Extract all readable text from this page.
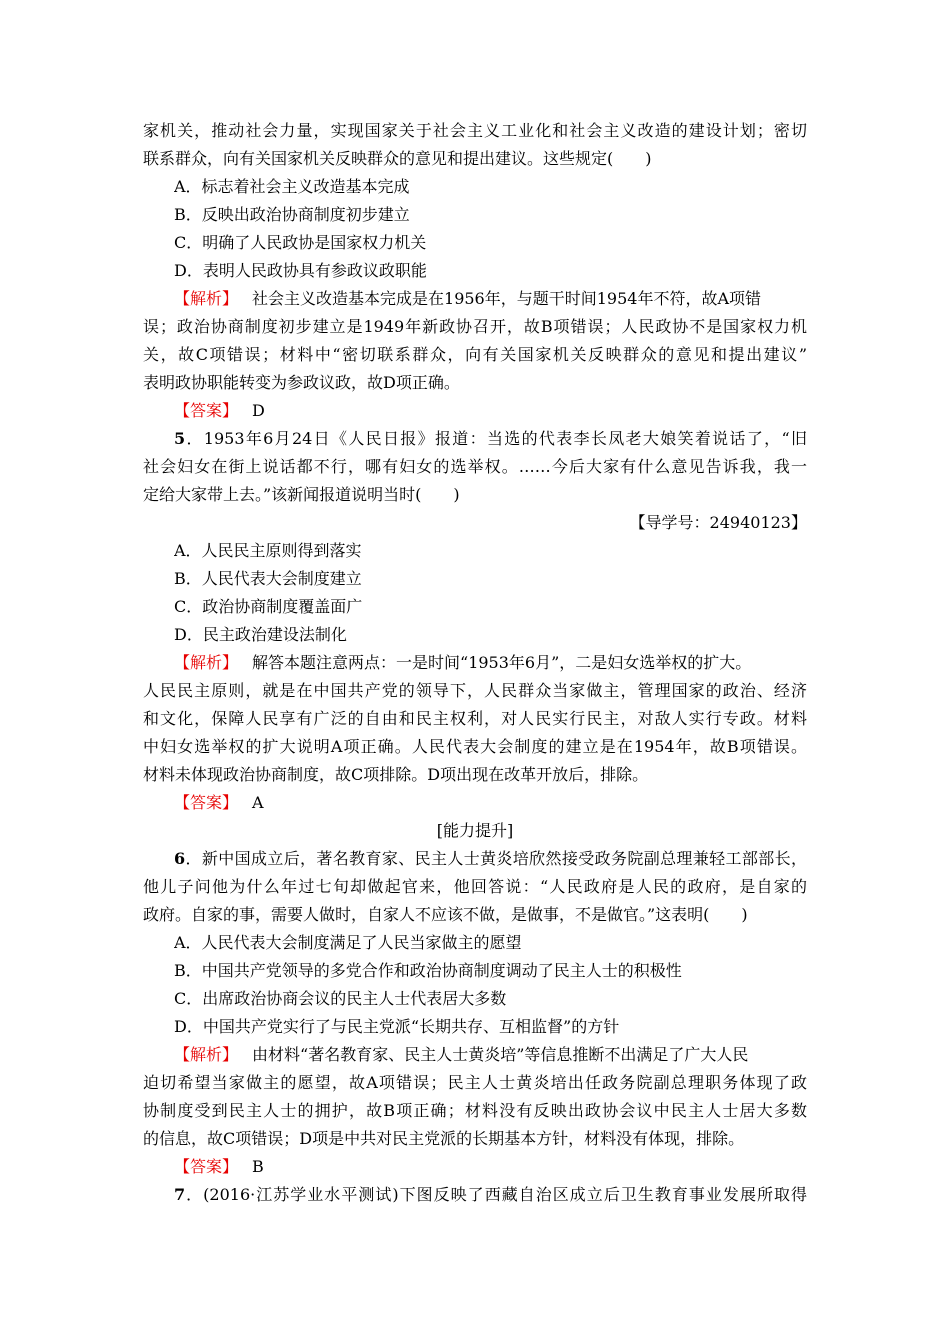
家机关，推动社会力量，实现国家关于社会主义工业化和社会主义改造的建设计划；密切
联系群众，向有关国家机关反映群众的意见和提出建议。这些规定(　　)
A．标志着社会主义改造基本完成
B．反映出政治协商制度初步建立
C．明确了人民政协是国家权力机关
D．表明人民政协具有参政议政职能
【解析】 社会主义改造基本完成是在1956年，与题干时间1954年不符，故A项错
误；政治协商制度初步建立是1949年新政协召开，故B项错误；人民政协不是国家权力机
关，故C项错误；材料中“密切联系群众，向有关国家机关反映群众的意见和提出建议”
表明政协职能转变为参政议政，故D项正确。
【答案】 D
5．1953年6月24日《人民日报》报道：当选的代表李长凤老大娘笑着说话了，“旧
社会妇女在街上说话都不行，哪有妇女的选举权。……今后大家有什么意见告诉我，我一
定给大家带上去。”该新闻报道说明当时(　　)
【导学号：24940123】
A．人民民主原则得到落实
B．人民代表大会制度建立
C．政治协商制度覆盖面广
D．民主政治建设法制化
【解析】 解答本题注意两点：一是时间“1953年6月”，二是妇女选举权的扩大。
人民民主原则，就是在中国共产党的领导下，人民群众当家做主，管理国家的政治、经济
和文化，保障人民享有广泛的自由和民主权利，对人民实行民主，对敌人实行专政。材料
中妇女选举权的扩大说明A项正确。人民代表大会制度的建立是在1954年，故B项错误。
材料未体现政治协商制度，故C项排除。D项出现在改革开放后，排除。
【答案】 A
[能力提升]
6．新中国成立后，著名教育家、民主人士黄炎培欣然接受政务院副总理兼轻工部部长，
他儿子问他为什么年过七旬却做起官来，他回答说：“人民政府是人民的政府，是自家的
政府。自家的事，需要人做时，自家人不应该不做，是做事，不是做官。”这表明(　　)
A．人民代表大会制度满足了人民当家做主的愿望
B．中国共产党领导的多党合作和政治协商制度调动了民主人士的积极性
C．出席政治协商会议的民主人士代表居大多数
D．中国共产党实行了与民主党派“长期共存、互相监督”的方针
【解析】 由材料“著名教育家、民主人士黄炎培”等信息推断不出满足了广大人民
迫切希望当家做主的愿望，故A项错误；民主人士黄炎培出任政务院副总理职务体现了政
协制度受到民主人士的拥护，故B项正确；材料没有反映出政协会议中民主人士居大多数
的信息，故C项错误；D项是中共对民主党派的长期基本方针，材料没有体现，排除。
【答案】 B
7．(2016·江苏学业水平测试)下图反映了西藏自治区成立后卫生教育事业发展所取得
